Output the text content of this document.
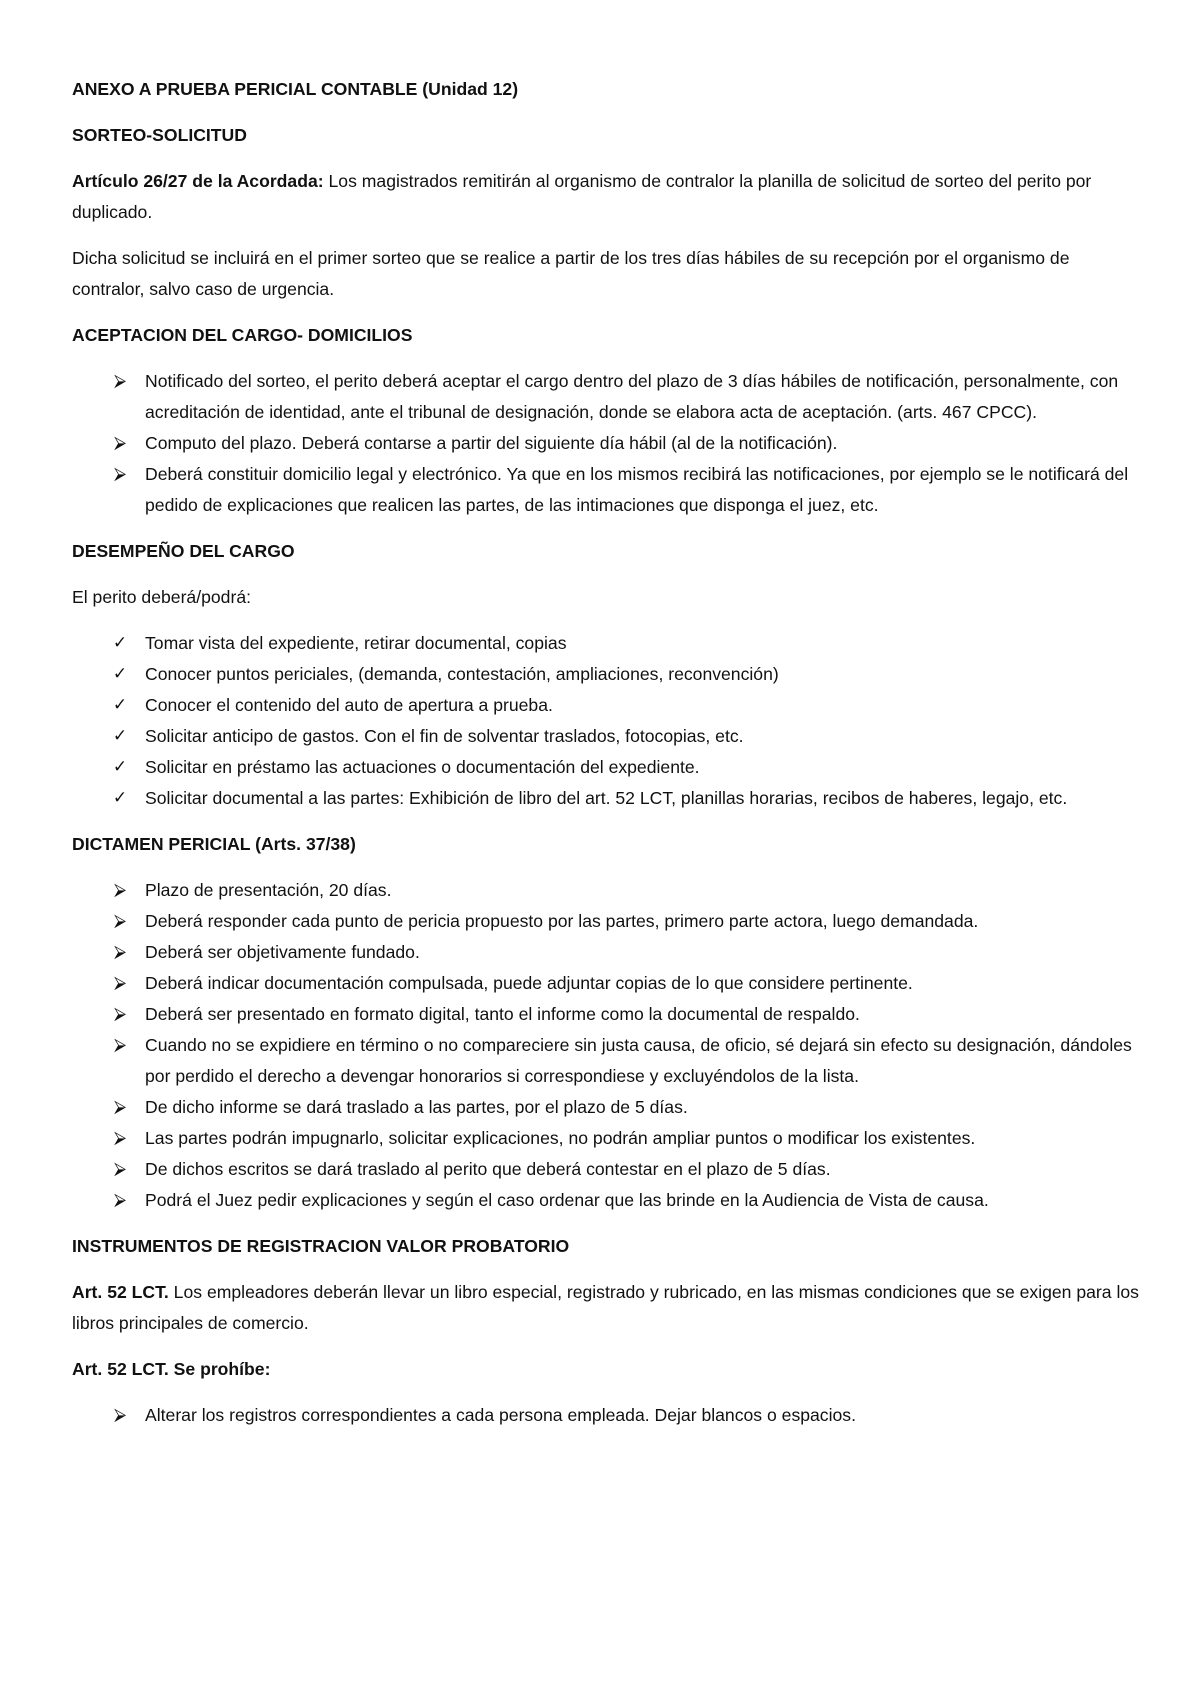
ANEXO A PRUEBA PERICIAL CONTABLE (Unidad 12)

SORTEO-SOLICITUD

Artículo 26/27 de la Acordada: Los magistrados remitirán al organismo de contralor la planilla de solicitud de sorteo del perito por duplicado.

Dicha solicitud se incluirá en el primer sorteo que se realice a partir de los tres días hábiles de su recepción por el organismo de contralor, salvo caso de urgencia.

ACEPTACION DEL CARGO- DOMICILIOS

⮚	Notificado del sorteo, el perito deberá aceptar el cargo dentro del plazo de 3 días hábiles de notificación, personalmente, con acreditación de identidad, ante el tribunal de designación, donde se elabora acta de aceptación. (arts. 467 CPCC).
⮚	Computo del plazo. Deberá contarse a partir del siguiente día hábil (al de la notificación).
⮚	Deberá constituir domicilio legal y electrónico. Ya que en los mismos recibirá las notificaciones, por ejemplo se le notificará del pedido de explicaciones que realicen las partes, de las intimaciones que disponga el juez, etc.

DESEMPEÑO DEL CARGO

El perito deberá/podrá:

✓ Tomar vista del expediente, retirar documental, copias
✓ Conocer puntos periciales, (demanda, contestación, ampliaciones, reconvención)
✓ Conocer el contenido del auto de apertura a prueba.
✓ Solicitar anticipo de gastos. Con el fin de solventar traslados, fotocopias, etc.
✓ Solicitar en préstamo las actuaciones o documentación del expediente.
✓ Solicitar documental a las partes: Exhibición de libro del art. 52 LCT, planillas horarias, recibos de haberes, legajo, etc.

DICTAMEN PERICIAL (Arts. 37/38)

⮚	Plazo de presentación, 20 días.
⮚	Deberá responder cada punto de pericia propuesto por las partes, primero parte actora, luego demandada.
⮚	Deberá ser objetivamente fundado.
⮚	Deberá indicar documentación compulsada, puede adjuntar copias de lo que considere pertinente.
⮚	Deberá ser presentado en formato digital, tanto el informe como la documental de respaldo.
⮚	Cuando no se expidiere en término o no compareciere sin justa causa, de oficio, sé dejará sin efecto su designación, dándoles por perdido el derecho a devengar honorarios si correspondiese y excluyéndolos de la lista.
⮚	De dicho informe se dará traslado a las partes, por el plazo de 5 días.
⮚	Las partes podrán impugnarlo, solicitar explicaciones, no podrán ampliar puntos o modificar los existentes.
⮚	De dichos escritos se dará traslado al perito que deberá contestar en el plazo de 5 días.
⮚	Podrá el Juez pedir explicaciones y según el caso ordenar que las brinde en la Audiencia de Vista de causa.

INSTRUMENTOS DE REGISTRACION VALOR PROBATORIO

Art. 52 LCT. Los empleadores deberán llevar un libro especial, registrado y rubricado, en las mismas condiciones que se exigen para los libros principales de comercio.

Art. 52 LCT. Se prohíbe:

⮚	Alterar los registros correspondientes a cada persona empleada. Dejar blancos o espacios.
